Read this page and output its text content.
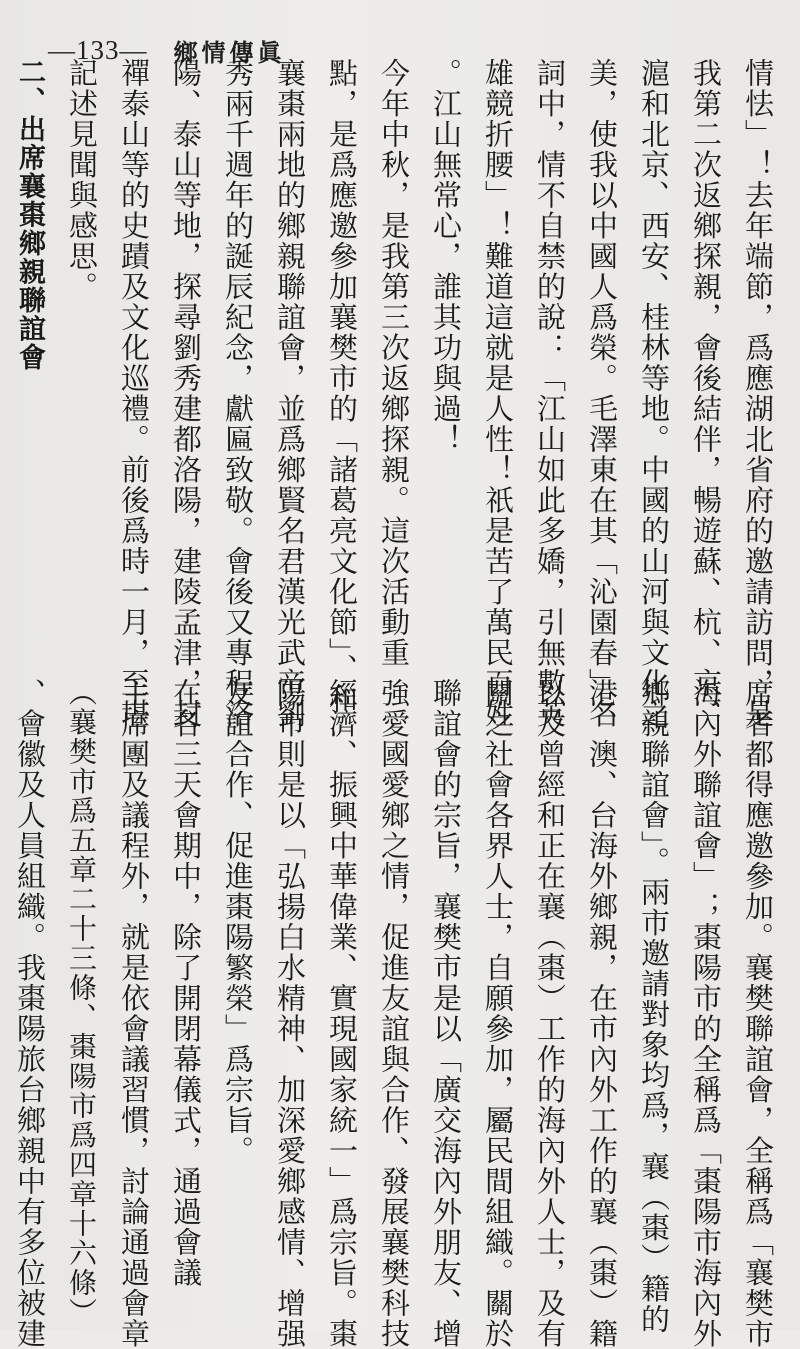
—133— 鄉情傳眞
情怯」！去年端節，爲應湖北省府的邀請訪問，是
我第二次返鄉探親，會後結伴，暢遊蘇、杭、京、
滬和北京、西安、桂林等地。中國的山河與文化之
美，使我以中國人爲榮。毛澤東在其「沁園春」名
詞中，情不自禁的說：「江山如此多嬌，引無數英
雄競折腰」！難道這就是人性！祇是苦了萬民百姓
。江山無常心，誰其功與過！
今年中秋，是我第三次返鄉探親。這次活動重
點，是爲應邀參加襄樊市的「諸葛亮文化節」、和
襄棗兩地的鄉親聯誼會，並爲鄉賢名君漢光武帝劉
秀兩千週年的誕辰紀念，獻匾致敬。會後又專程洛
陽、泰山等地，探尋劉秀建都洛陽，建陵孟津，封
禪泰山等的史蹟及文化巡禮。前後爲時一月，至堪
記述見聞與感思。
二、出席襄棗鄉親聯誼會
席者都得應邀參加。襄樊聯誼會，全稱爲「襄樊市
海內外聯誼會」；棗陽市的全稱爲「棗陽市海內外
鄉親聯誼會」。兩市邀請對象均爲，襄（棗）籍的
港、澳、台海外鄉親，在市內外工作的襄（棗）籍
以及曾經和正在襄（棗）工作的海內外人士，及有
關之社會各界人士，自願參加，屬民間組織。關於
聯誼會的宗旨，襄樊市是以「廣交海內外朋友、增
強愛國愛鄉之情，促進友誼與合作、發展襄樊科技
經濟、振興中華偉業、實現國家統一」爲宗旨。棗
陽市則是以「弘揚白水精神、加深愛鄉感情、增强
友誼合作、促進棗陽繁榮」爲宗旨。
在各三天會期中，除了開閉幕儀式，通過會議
主席團及議程外，就是依會議習慣，討論通過會章
（襄樊市爲五章二十三條、棗陽市爲四章十六條）
、會徽及人員組織。我棗陽旅台鄉親中有多位被建
